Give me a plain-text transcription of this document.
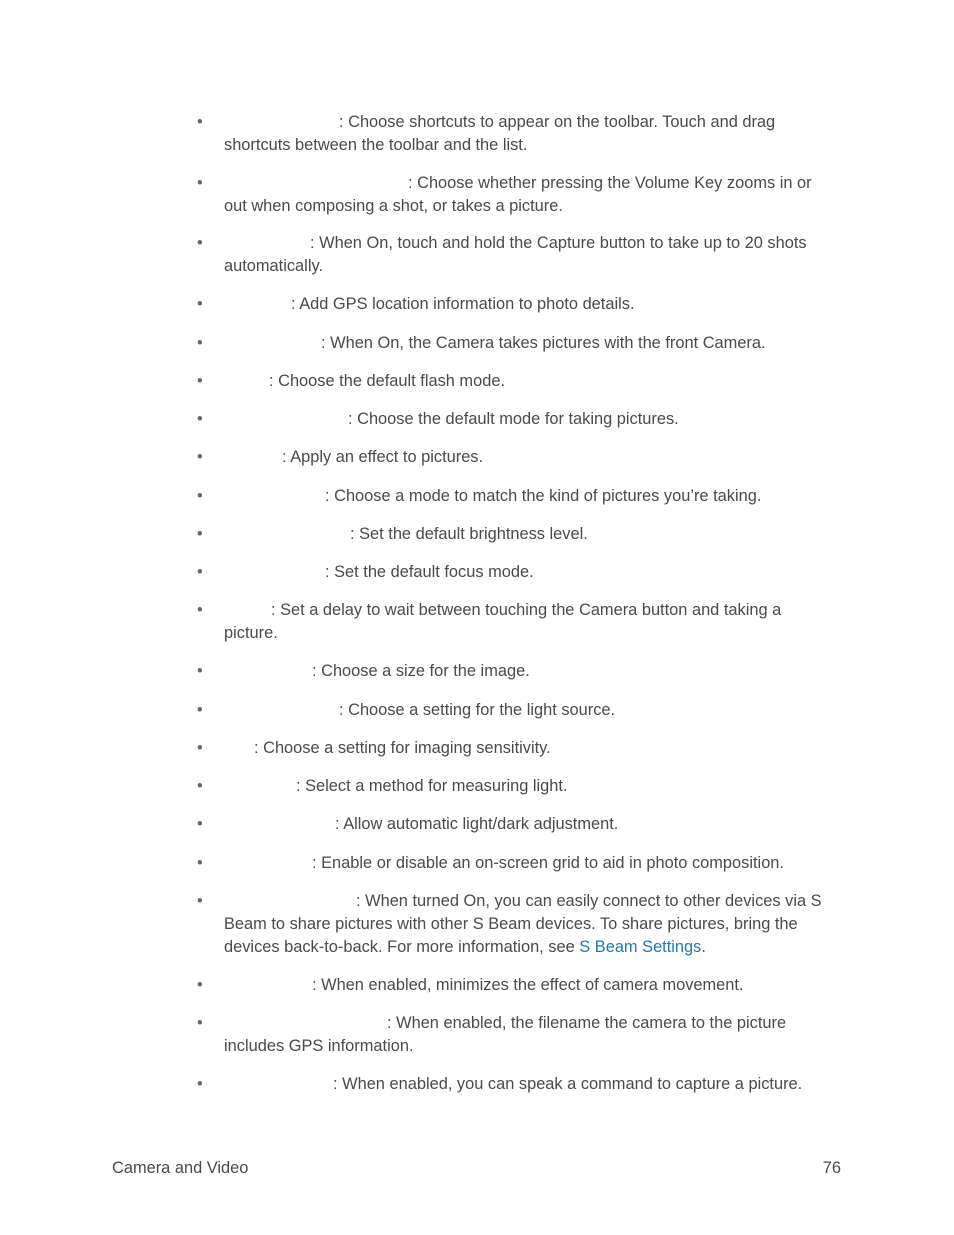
•	: Choose shortcuts to appear on the toolbar. Touch and drag shortcuts between the toolbar and the list.
•	: Choose whether pressing the Volume Key zooms in or out when composing a shot, or takes a picture.
•	: When On, touch and hold the Capture button to take up to 20 shots automatically.
•	: Add GPS location information to photo details.
•	: When On, the Camera takes pictures with the front Camera.
•	: Choose the default flash mode.
•	: Choose the default mode for taking pictures.
•	: Apply an effect to pictures.
•	: Choose a mode to match the kind of pictures you’re taking.
•	: Set the default brightness level.
•	: Set the default focus mode.
•	: Set a delay to wait between touching the Camera button and taking a picture.
•	: Choose a size for the image.
•	: Choose a setting for the light source.
•	: Choose a setting for imaging sensitivity.
•	: Select a method for measuring light.
•	: Allow automatic light/dark adjustment.
•	: Enable or disable an on-screen grid to aid in photo composition.
•	: When turned On, you can easily connect to other devices via S Beam to share pictures with other S Beam devices. To share pictures, bring the devices back-to-back. For more information, see S Beam Settings.
•	: When enabled, minimizes the effect of camera movement.
•	: When enabled, the filename the camera to the picture includes GPS information.
•	: When enabled, you can speak a command to capture a picture.
Camera and Video	76
